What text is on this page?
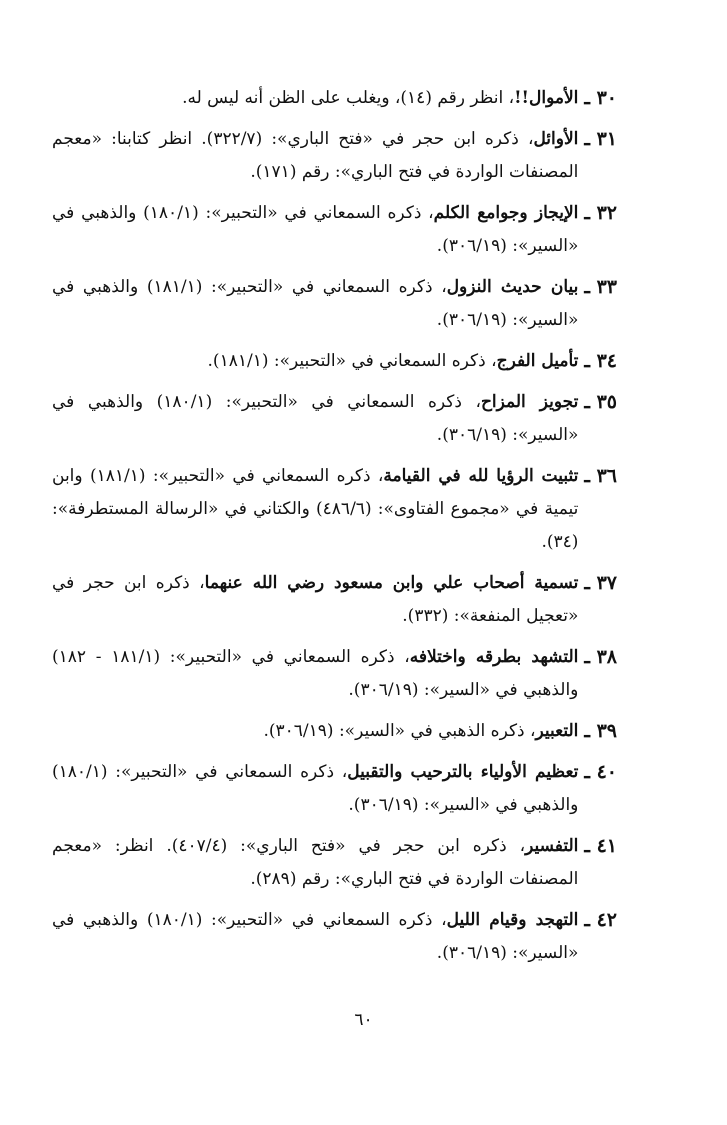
٣٠ ـ
الأموال!!، انظر رقم (١٤)، ويغلب على الظن أنه ليس له.
٣١ ـ
الأوائل، ذكره ابن حجر في «فتح الباري»: (٣٢٢/٧). انظر كتابنا: «معجم المصنفات الواردة في فتح الباري»: رقم (١٧١).
٣٢ ـ
الإيجاز وجوامع الكلم، ذكره السمعاني في «التحبير»: (١٨٠/١) والذهبي في «السير»: (٣٠٦/١٩).
٣٣ ـ
بيان حديث النزول، ذكره السمعاني في «التحبير»: (١٨١/١) والذهبي في «السير»: (٣٠٦/١٩).
٣٤ ـ
تأميل الفرج، ذكره السمعاني في «التحبير»: (١٨١/١).
٣٥ ـ
تجويز المزاح، ذكره السمعاني في «التحبير»: (١٨٠/١) والذهبي في «السير»: (٣٠٦/١٩).
٣٦ ـ
تثبيت الرؤيا لله في القيامة، ذكره السمعاني في «التحبير»: (١٨١/١) وابن تيمية في «مجموع الفتاوى»: (٤٨٦/٦) والكتاني في «الرسالة المستطرفة»: (٣٤).
٣٧ ـ
تسمية أصحاب علي وابن مسعود رضي الله عنهما، ذكره ابن حجر في «تعجيل المنفعة»: (٣٣٢).
٣٨ ـ
التشهد بطرقه واختلافه، ذكره السمعاني في «التحبير»: (١٨١/١ - ١٨٢) والذهبي في «السير»: (٣٠٦/١٩).
٣٩ ـ
التعبير، ذكره الذهبي في «السير»: (٣٠٦/١٩).
٤٠ ـ
تعظيم الأولياء بالترحيب والتقبيل، ذكره السمعاني في «التحبير»: (١٨٠/١) والذهبي في «السير»: (٣٠٦/١٩).
٤١ ـ
التفسير، ذكره ابن حجر في «فتح الباري»: (٤٠٧/٤). انظر: «معجم المصنفات الواردة في فتح الباري»: رقم (٢٨٩).
٤٢ ـ
التهجد وقيام الليل، ذكره السمعاني في «التحبير»: (١٨٠/١) والذهبي في «السير»: (٣٠٦/١٩).
٦٠
